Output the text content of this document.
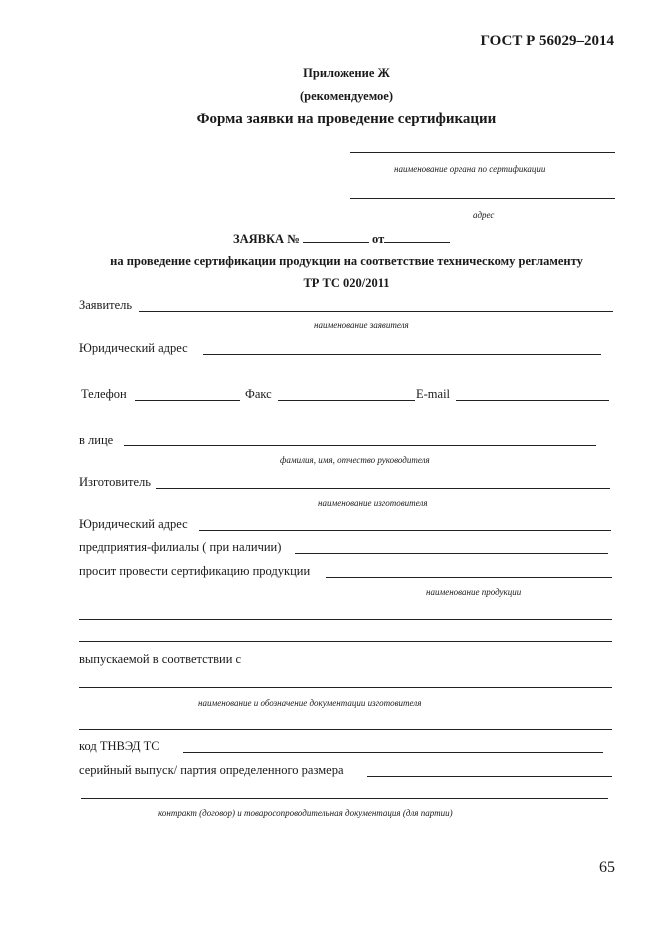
ГОСТ Р 56029–2014
Приложение Ж
(рекомендуемое)
Форма заявки на проведение сертификации
наименование органа по сертификации
адрес
ЗАЯВКА №	от
на проведение сертификации продукции на соответствие техническому регламенту
ТР ТС 020/2011
Заявитель
наименование заявителя
Юридический адрес
Телефон	Факс	E-mail
в лице
фамилия, имя, отчество руководителя
Изготовитель
наименование изготовителя
Юридический адрес
предприятия-филиалы ( при наличии)
просит провести сертификацию продукции
наименование продукции
выпускаемой в соответствии с
наименование и обозначение документации изготовителя
код ТНВЭД ТС
серийный выпуск/ партия определенного размера
контракт (договор) и товаросопроводительная документация (для партии)
65
